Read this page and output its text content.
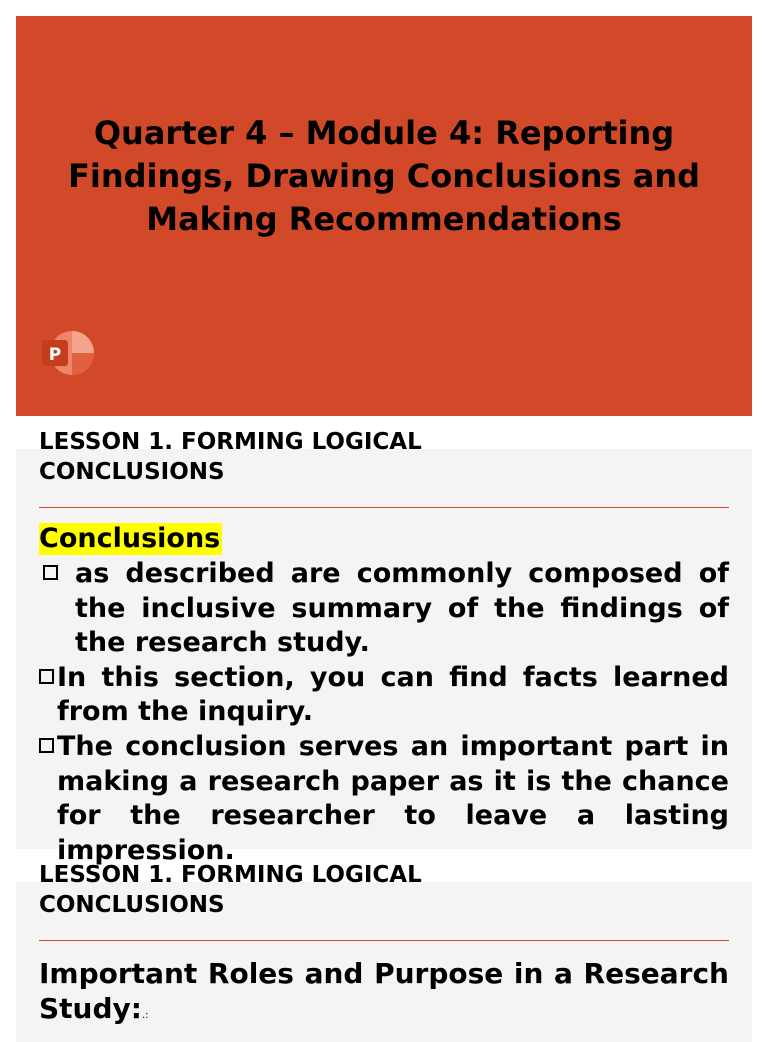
Quarter 4 – Module 4: Reporting Findings, Drawing Conclusions and Making Recommendations
P
LESSON 1. FORMING LOGICAL CONCLUSIONS
Conclusions
as described are commonly composed of the inclusive summary of the findings of the research study.
In this section, you can find facts learned from the inquiry.
The conclusion serves an important part in making a research paper as it is the chance for the researcher to leave a lasting impression.
LESSON 1. FORMING LOGICAL CONCLUSIONS
Important Roles and Purpose in a Research Study:.:
